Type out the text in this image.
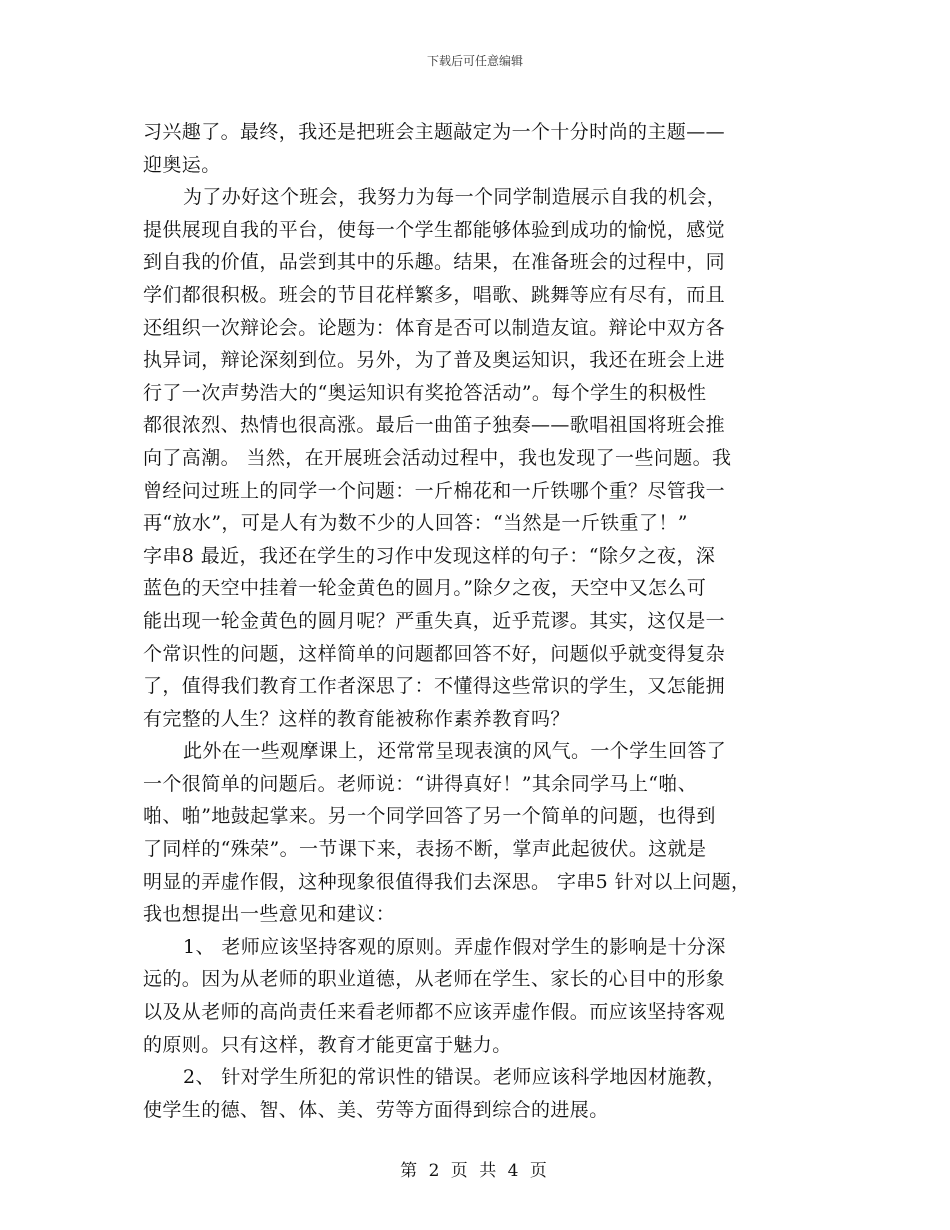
下载后可任意编辑
习兴趣了。最终，我还是把班会主题敲定为一个十分时尚的主题——
迎奥运。
为了办好这个班会，我努力为每一个同学制造展示自我的机会，
提供展现自我的平台，使每一个学生都能够体验到成功的愉悦，感觉
到自我的价值，品尝到其中的乐趣。结果，在准备班会的过程中，同
学们都很积极。班会的节目花样繁多，唱歌、跳舞等应有尽有，而且
还组织一次辩论会。论题为：体育是否可以制造友谊。辩论中双方各
执异词，辩论深刻到位。另外，为了普及奥运知识，我还在班会上进
行了一次声势浩大的“奥运知识有奖抢答活动”。每个学生的积极性
都很浓烈、热情也很高涨。最后一曲笛子独奏——歌唱祖国将班会推
向了高潮。 当然，在开展班会活动过程中，我也发现了一些问题。我
曾经问过班上的同学一个问题：一斤棉花和一斤铁哪个重？尽管我一
再“放水”，可是人有为数不少的人回答：“当然是一斤铁重了！”
字串8 最近，我还在学生的习作中发现这样的句子：“除夕之夜，深
蓝色的天空中挂着一轮金黄色的圆月。”除夕之夜，天空中又怎么可
能出现一轮金黄色的圆月呢？严重失真，近乎荒谬。其实，这仅是一
个常识性的问题，这样简单的问题都回答不好，问题似乎就变得复杂
了，值得我们教育工作者深思了：不懂得这些常识的学生，又怎能拥
有完整的人生？这样的教育能被称作素养教育吗？
此外在一些观摩课上，还常常呈现表演的风气。一个学生回答了
一个很简单的问题后。老师说：“讲得真好！”其余同学马上“啪、
啪、啪”地鼓起掌来。另一个同学回答了另一个简单的问题，也得到
了同样的“殊荣”。一节课下来，表扬不断，掌声此起彼伏。这就是
明显的弄虚作假，这种现象很值得我们去深思。 字串5 针对以上问题，
我也想提出一些意见和建议：
1、 老师应该坚持客观的原则。弄虚作假对学生的影响是十分深
远的。因为从老师的职业道德，从老师在学生、家长的心目中的形象
以及从老师的高尚责任来看老师都不应该弄虚作假。而应该坚持客观
的原则。只有这样，教育才能更富于魅力。
2、 针对学生所犯的常识性的错误。老师应该科学地因材施教，
使学生的德、智、体、美、劳等方面得到综合的进展。
第 2 页 共 4 页
